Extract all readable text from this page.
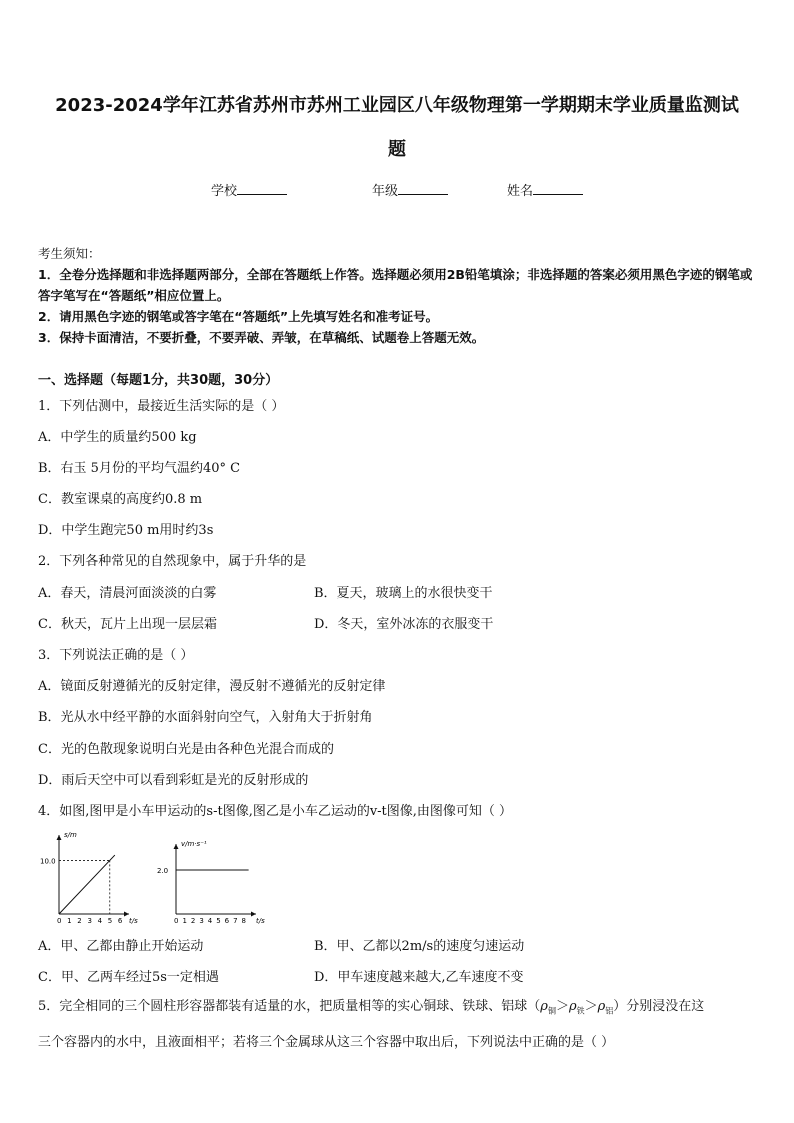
2023-2024学年江苏省苏州市苏州工业园区八年级物理第一学期期末学业质量监测试
题
学校	年级	姓名
考生须知：
1．全卷分选择题和非选择题两部分，全部在答题纸上作答。选择题必须用2B铅笔填涂；非选择题的答案必须用黑色字迹的钢笔或答字笔写在“答题纸”相应位置上。
2．请用黑色字迹的钢笔或答字笔在“答题纸”上先填写姓名和准考证号。
3．保持卡面清洁，不要折叠，不要弄破、弄皱，在草稿纸、试题卷上答题无效。
一、选择题（每题1分，共30题，30分）
1．下列估测中，最接近生活实际的是（ ）
A．中学生的质量约500 kg
B．右玉 5月份的平均气温约40° C
C．教室课桌的高度约0.8 m
D．中学生跑完50 m用时约3s
2．下列各种常见的自然现象中，属于升华的是
A．春天，清晨河面淡淡的白雾	B．夏天，玻璃上的水很快变干
C．秋天，瓦片上出现一层层霜	D．冬天，室外冰冻的衣服变干
3．下列说法正确的是（ ）
A．镜面反射遵循光的反射定律，漫反射不遵循光的反射定律
B．光从水中经平静的水面斜射向空气，入射角大于折射角
C．光的色散现象说明白光是由各种色光混合而成的
D．雨后天空中可以看到彩虹是光的反射形成的
4．如图,图甲是小车甲运动的s-t图像,图乙是小车乙运动的v-t图像,由图像可知（ ）
s/m
t/s
0 1 2 3 4 5 6
10.0
v/m·s⁻¹
t/s
0 1 2 3 4 5 6 7 8
2.0
A．甲、乙都由静止开始运动	B．甲、乙都以2m/s的速度匀速运动
C．甲、乙两车经过5s一定相遇	D．甲车速度越来越大,乙车速度不变
5．完全相同的三个圆柱形容器都装有适量的水，把质量相等的实心铜球、铁球、铝球$(\rho_铜>\rho_铁>\rho_铝)$分别浸没在这
三个容器内的水中，且液面相平；若将三个金属球从这三个容器中取出后，下列说法中正确的是（ ）
